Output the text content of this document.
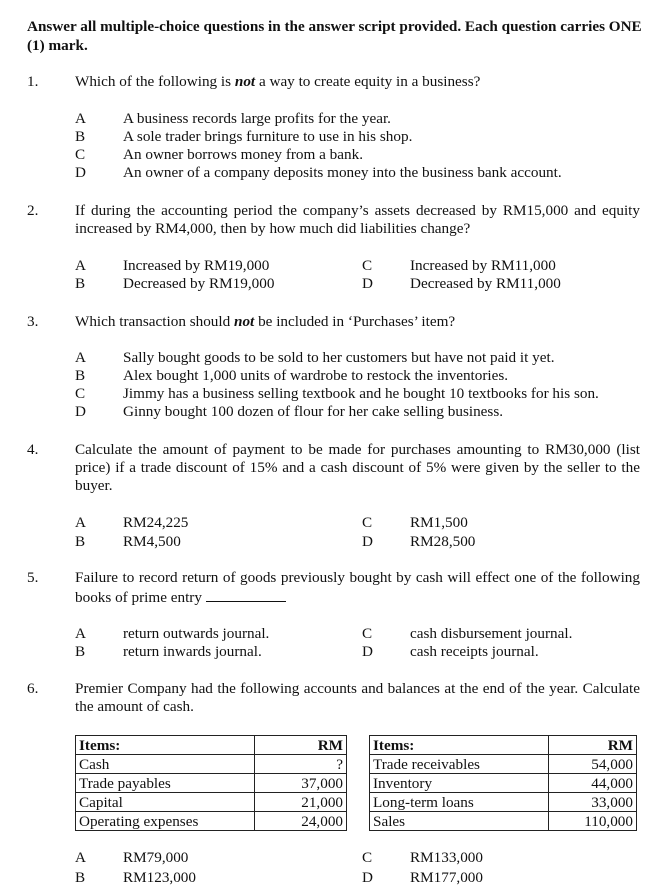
Answer all multiple-choice questions in the answer script provided. Each question carries ONE (1) mark.
1. Which of the following is not a way to create equity in a business?
A	A business records large profits for the year.
B	A sole trader brings furniture to use in his shop.
C	An owner borrows money from a bank.
D	An owner of a company deposits money into the business bank account.
2. If during the accounting period the company’s assets decreased by RM15,000 and equity increased by RM4,000, then by how much did liabilities change?
A	Increased by RM19,000
B	Decreased by RM19,000
C	Increased by RM11,000
D	Decreased by RM11,000
3. Which transaction should not be included in ‘Purchases’ item?
A	Sally bought goods to be sold to her customers but have not paid it yet.
B	Alex bought 1,000 units of wardrobe to restock the inventories.
C	Jimmy has a business selling textbook and he bought 10 textbooks for his son.
D	Ginny bought 100 dozen of flour for her cake selling business.
4. Calculate the amount of payment to be made for purchases amounting to RM30,000 (list price) if a trade discount of 15% and a cash discount of 5% were given by the seller to the buyer.
A	RM24,225
B	RM4,500
C	RM1,500
D	RM28,500
5. Failure to record return of goods previously bought by cash will effect one of the following books of prime entry
A	return outwards journal.
B	return inwards journal.
C	cash disbursement journal.
D	cash receipts journal.
6. Premier Company had the following accounts and balances at the end of the year. Calculate the amount of cash.
Items:	RM
Cash	?
Trade payables	37,000
Capital	21,000
Operating expenses	24,000
Items:	RM
Trade receivables	54,000
Inventory	44,000
Long-term loans	33,000
Sales	110,000
A	RM79,000
B	RM123,000
C	RM133,000
D	RM177,000
